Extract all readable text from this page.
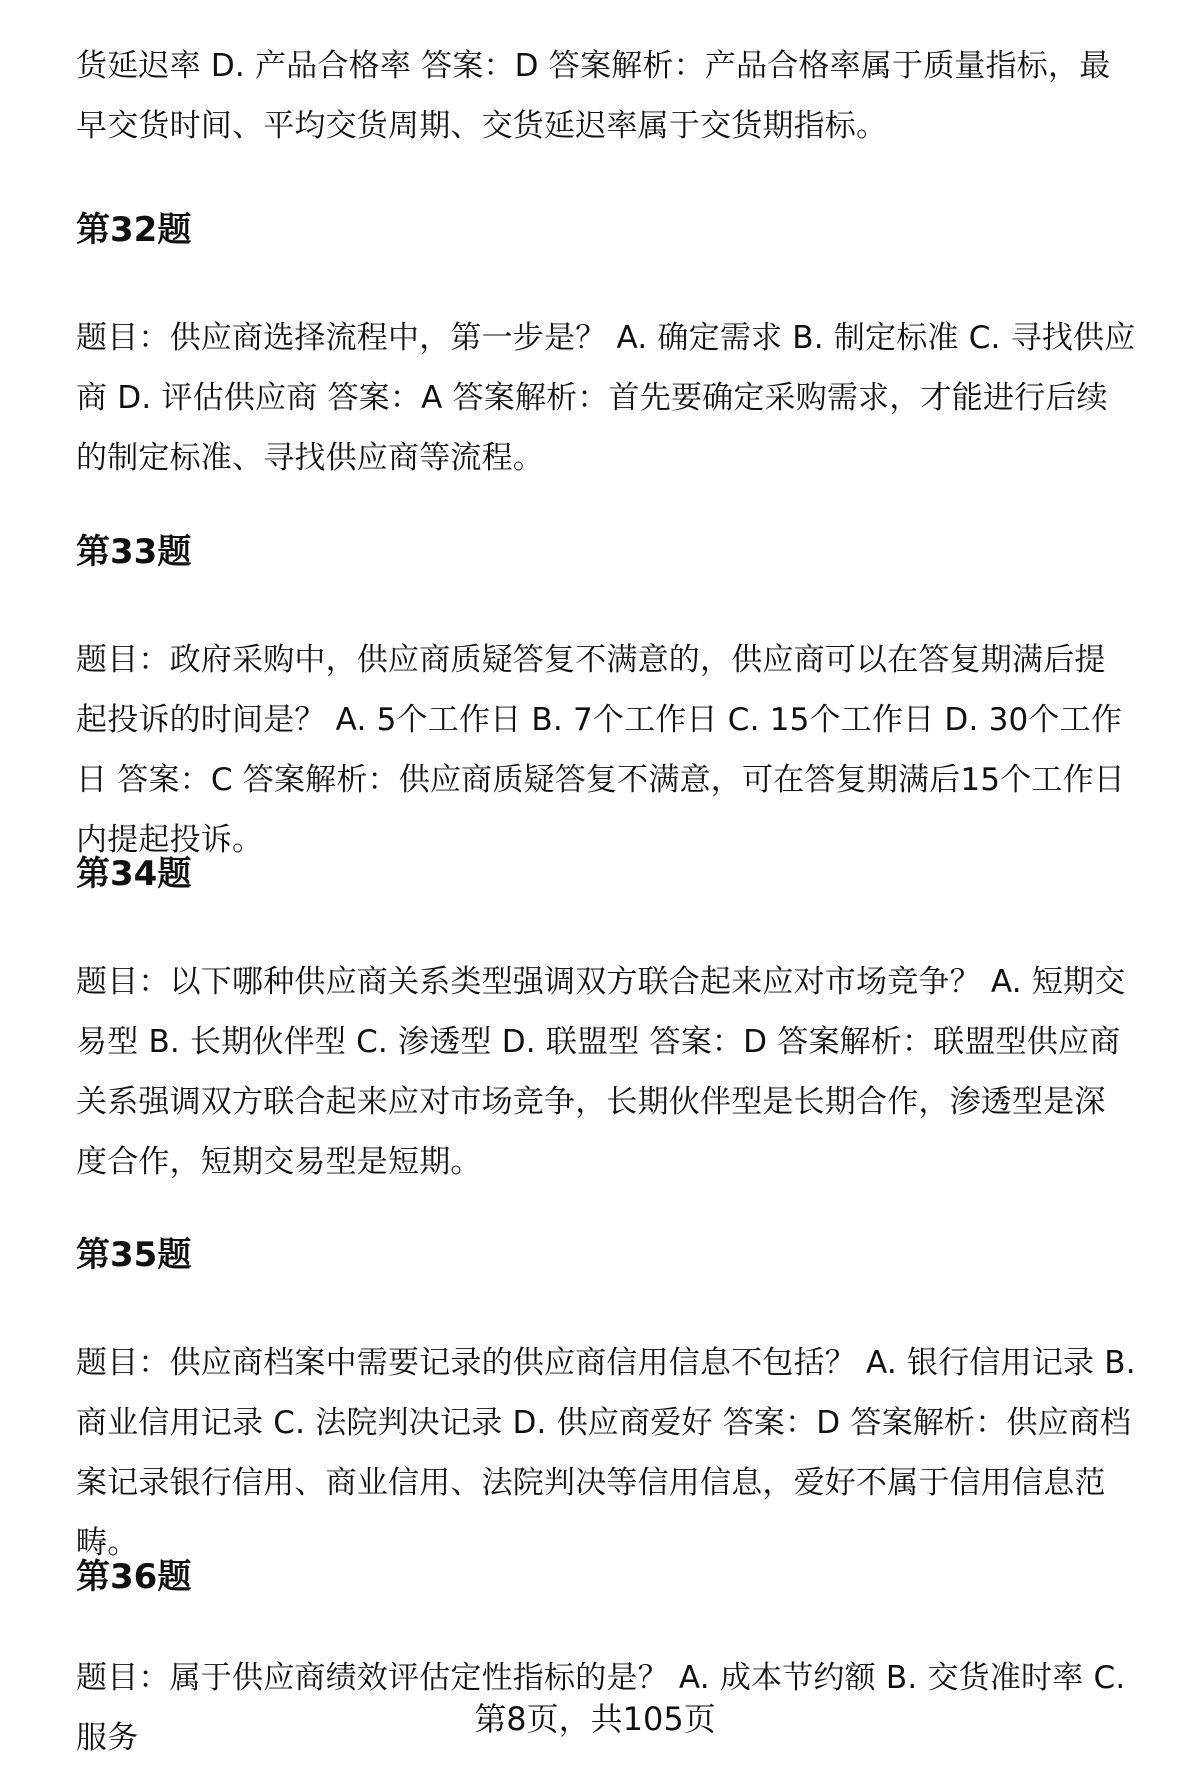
货延迟率 D. 产品合格率 答案：D 答案解析：产品合格率属于质量指标，最早交货时间、平均交货周期、交货延迟率属于交货期指标。

第32题

题目：供应商选择流程中，第一步是？ A. 确定需求 B. 制定标准 C. 寻找供应商 D. 评估供应商 答案：A 答案解析：首先要确定采购需求，才能进行后续的制定标准、寻找供应商等流程。

第33题

题目：政府采购中，供应商质疑答复不满意的，供应商可以在答复期满后提起投诉的时间是？ A. 5个工作日 B. 7个工作日 C. 15个工作日 D. 30个工作日 答案：C 答案解析：供应商质疑答复不满意，可在答复期满后15个工作日内提起投诉。

第34题

题目：以下哪种供应商关系类型强调双方联合起来应对市场竞争？ A. 短期交易型 B. 长期伙伴型 C. 渗透型 D. 联盟型 答案：D 答案解析：联盟型供应商关系强调双方联合起来应对市场竞争，长期伙伴型是长期合作，渗透型是深度合作，短期交易型是短期。

第35题

题目：供应商档案中需要记录的供应商信用信息不包括？ A. 银行信用记录 B. 商业信用记录 C. 法院判决记录 D. 供应商爱好 答案：D 答案解析：供应商档案记录银行信用、商业信用、法院判决等信用信息，爱好不属于信用信息范畴。

第36题

题目：属于供应商绩效评估定性指标的是？ A. 成本节约额 B. 交货准时率 C. 服务	第8页，共105页
